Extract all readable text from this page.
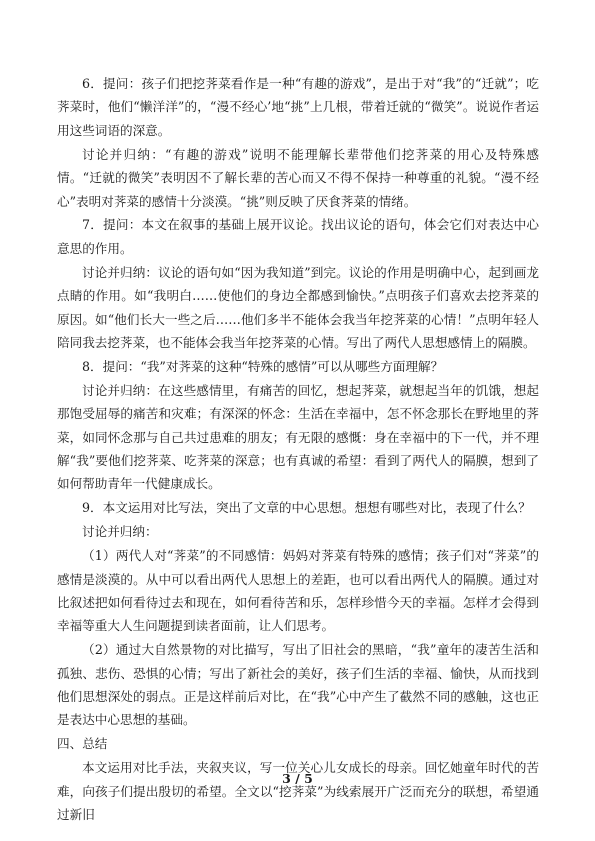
6．提问：孩子们把挖荠菜看作是一种“有趣的游戏”，是出于对“我”的“迁就”；吃荠菜时，他们“懒洋洋”的，“漫不经心’地“挑”上几根，带着迁就的“微笑”。说说作者运用这些词语的深意。

讨论并归纳：“有趣的游戏”说明不能理解长辈带他们挖荠菜的用心及特殊感情。“迁就的微笑”表明因不了解长辈的苦心而又不得不保持一种尊重的礼貌。“漫不经心”表明对荠菜的感情十分淡漠。“挑”则反映了厌食荠菜的情绪。

7．提问：本文在叙事的基础上展开议论。找出议论的语句，体会它们对表达中心意思的作用。

讨论并归纳：议论的语句如“因为我知道”到完。议论的作用是明确中心，起到画龙点睛的作用。如“我明白……使他们的身边全都感到愉快。”点明孩子们喜欢去挖荠菜的原因。如“他们长大一些之后……他们多半不能体会我当年挖荠菜的心情！”点明年轻人陪同我去挖荠菜，也不能体会我当年挖荠菜的心情。写出了两代人思想感情上的隔膜。

8．提问：“我”对荠菜的这种“特殊的感情”可以从哪些方面理解？

讨论并归纳：在这些感情里，有痛苦的回忆，想起荠菜，就想起当年的饥饿，想起那饱受屈辱的痛苦和灾难；有深深的怀念：生活在幸福中，怎不怀念那长在野地里的荠菜，如同怀念那与自己共过患难的朋友；有无限的感慨：身在幸福中的下一代，并不理解“我”要他们挖荠菜、吃荠菜的深意；也有真诚的希望：看到了两代人的隔膜，想到了如何帮助青年一代健康成长。

9．本文运用对比写法，突出了文章的中心思想。想想有哪些对比，表现了什么？

讨论并归纳：

（1）两代人对“荠菜”的不同感情：妈妈对荠菜有特殊的感情；孩子们对“荠菜”的感情是淡漠的。从中可以看出两代人思想上的差距，也可以看出两代人的隔膜。通过对比叙述把如何看待过去和现在，如何看待苦和乐，怎样珍惜今天的幸福。怎样才会得到幸福等重大人生问题提到读者面前，让人们思考。

（2）通过大自然景物的对比描写，写出了旧社会的黑暗，“我”童年的凄苦生活和孤独、悲伤、恐惧的心情；写出了新社会的美好，孩子们生活的幸福、愉快，从而找到他们思想深处的弱点。正是这样前后对比，在“我”心中产生了截然不同的感触，这也正是表达中心思想的基础。

四、总结

本文运用对比手法，夹叙夹议，写一位关心儿女成长的母亲。回忆她童年时代的苦难，向孩子们提出殷切的希望。全文以“挖荠菜”为线索展开广泛而充分的联想，希望通过新旧

3 / 5
